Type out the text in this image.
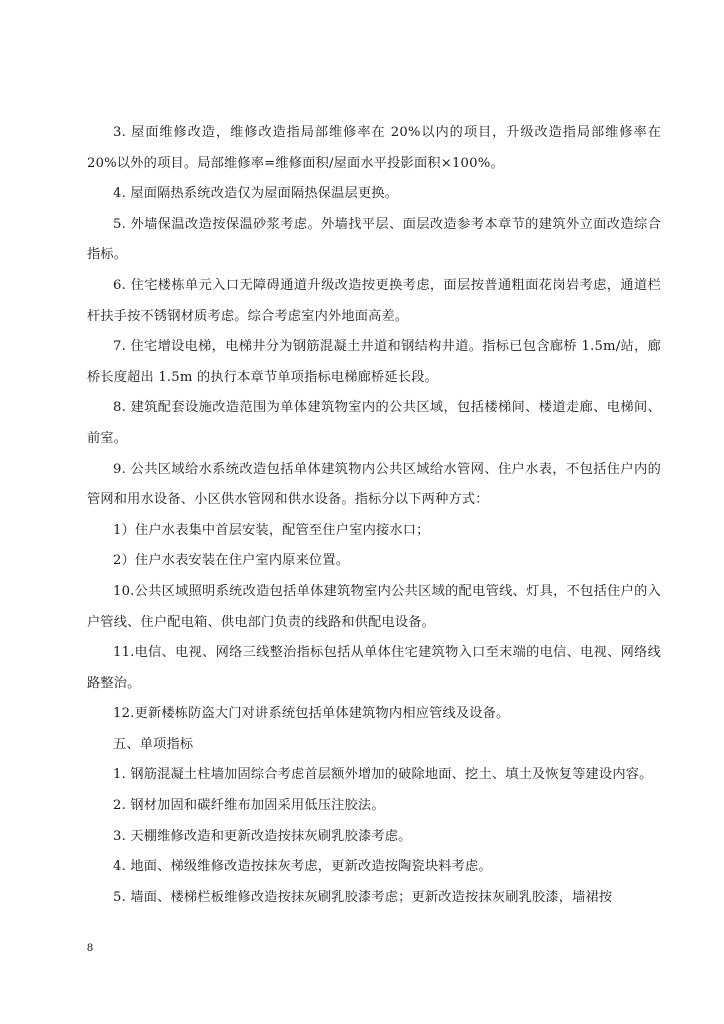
3. 屋面维修改造，维修改造指局部维修率在 20%以内的项目，升级改造指局部维修率在 20%以外的项目。局部维修率=维修面积/屋面水平投影面积×100%。

4. 屋面隔热系统改造仅为屋面隔热保温层更换。

5. 外墙保温改造按保温砂浆考虑。外墙找平层、面层改造参考本章节的建筑外立面改造综合指标。

6. 住宅楼栋单元入口无障碍通道升级改造按更换考虑，面层按普通粗面花岗岩考虑，通道栏杆扶手按不锈钢材质考虑。综合考虑室内外地面高差。

7. 住宅增设电梯，电梯井分为钢筋混凝土井道和钢结构井道。指标已包含廊桥 1.5m/站，廊桥长度超出 1.5m 的执行本章节单项指标电梯廊桥延长段。

8. 建筑配套设施改造范围为单体建筑物室内的公共区域，包括楼梯间、楼道走廊、电梯间、前室。

9. 公共区域给水系统改造包括单体建筑物内公共区域给水管网、住户水表，不包括住户内的管网和用水设备、小区供水管网和供水设备。指标分以下两种方式：

1）住户水表集中首层安装，配管至住户室内接水口；

2）住户水表安装在住户室内原来位置。

10.公共区域照明系统改造包括单体建筑物室内公共区域的配电管线、灯具，不包括住户的入户管线、住户配电箱、供电部门负责的线路和供配电设备。

11.电信、电视、网络三线整治指标包括从单体住宅建筑物入口至末端的电信、电视、网络线路整治。

12.更新楼栋防盗大门对讲系统包括单体建筑物内相应管线及设备。

五、单项指标

1. 钢筋混凝土柱墙加固综合考虑首层额外增加的破除地面、挖土、填土及恢复等建设内容。

2. 钢材加固和碳纤维布加固采用低压注胶法。

3. 天棚维修改造和更新改造按抹灰刷乳胶漆考虑。

4. 地面、梯级维修改造按抹灰考虑，更新改造按陶瓷块料考虑。

5. 墙面、楼梯栏板维修改造按抹灰刷乳胶漆考虑；更新改造按抹灰刷乳胶漆，墙裙按

8
